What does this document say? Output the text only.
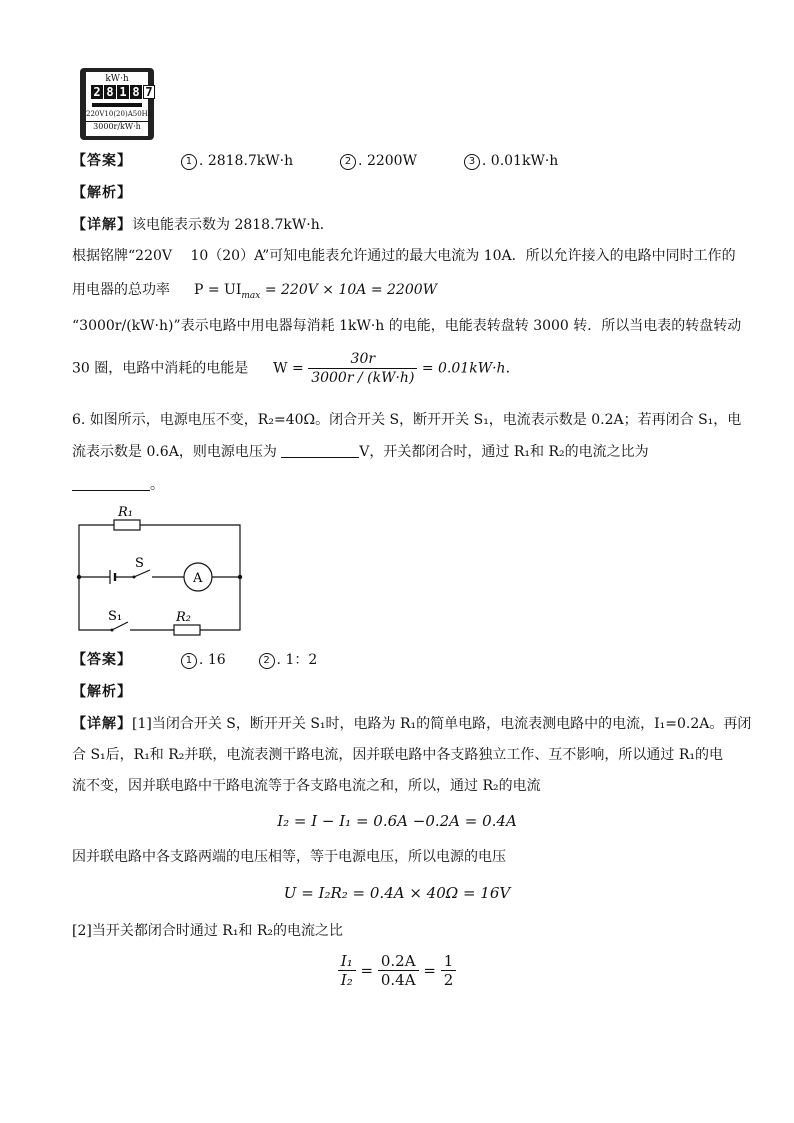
kW·h
2 8 1 8 7
220V10(20)A50Hz
3000r/kW·h
【答案】	1 . 2818.7kW·h	2 . 2200W	3 . 0.01kW·h
【解析】
【详解】该电能表示数为 2818.7kW·h．
根据铭牌“220V　 10（20）A”可知电能表允许通过的最大电流为 10A．所以允许接入的电路中同时工作的
用电器的总功率 $P = UI_{max} = 220V \times 10A = 2200W$
“3000r/(kW·h)”表示电路中用电器每消耗 1kW·h 的电能，电能表转盘转 3000 转．所以当电表的转盘转动
30 圈，电路中消耗的电能是 $W = \frac{30r}{3000r / (kW\cdot h)} = 0.01kW\cdot h$．
6. 如图所示，电源电压不变，R₂=40Ω。闭合开关 S，断开开关 S₁，电流表示数是 0.2A；若再闭合 S₁，电
流表示数是 0.6A，则电源电压为	V，开关都闭合时，通过 R₁和 R₂的电流之比为
。
R₁
S
A
S₁	R₂
【答案】	1 . 16	2 . 1：2
【解析】
【详解】[1]当闭合开关 S，断开开关 S₁时，电路为 R₁的简单电路，电流表测电路中的电流，I₁=0.2A。再闭
合 S₁后，R₁和 R₂并联，电流表测干路电流，因并联电路中各支路独立工作、互不影响，所以通过 R₁的电
流不变，因并联电路中干路电流等于各支路电流之和，所以，通过 R₂的电流
I₂ = I − I₁ = 0.6A −0.2A = 0.4A
因并联电路中各支路两端的电压相等，等于电源电压，所以电源的电压
U = I₂R₂ = 0.4A × 40Ω = 16V
[2]当开关都闭合时通过 R₁和 R₂的电流之比
$\frac{\text{I₁}}{\text{I₂}} = \frac{0.2A}{0.4A} = \frac{1}{2}$
